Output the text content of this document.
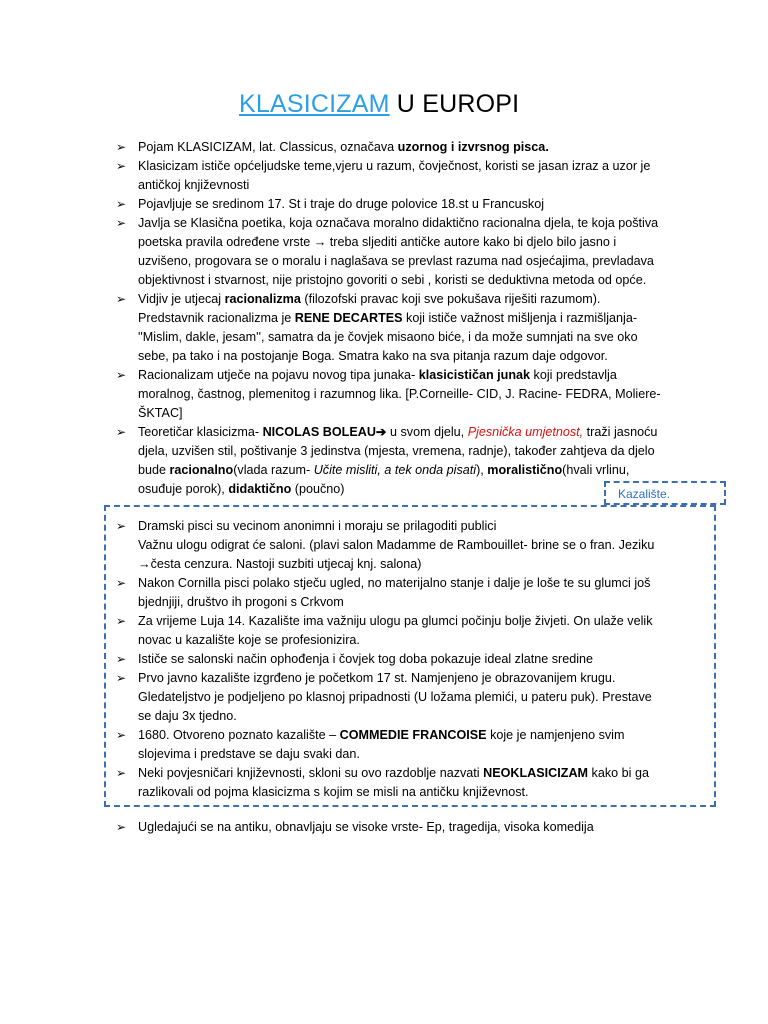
KLASICIZAM U EUROPI
➢ Pojam KLASICIZAM, lat. Classicus, označava uzornog i izvrsnog pisca.
➢ Klasicizam ističe općeljudske teme,vjeru u razum, čovječnost, koristi se jasan izraz a uzor je antičkoj književnosti
➢ Pojavljuje se sredinom 17. St i traje do druge polovice 18.st u Francuskoj
➢ Javlja se Klasična poetika, koja označava moralno didaktično racionalna djela, te koja poštiva poetska pravila određene vrste → treba sljediti antičke autore kako bi djelo bilo jasno i uzvišeno, progovara se o moralu i naglašava se prevlast razuma nad osjećajima, prevladava objektivnost i stvarnost, nije pristojno govoriti o sebi , koristi se deduktivna metoda od opće.
➢ Vidjiv je utjecaj racionalizma (filozofski pravac koji sve pokušava riješiti razumom). Predstavnik racionalizma je RENE DECARTES koji ističe važnost mišljenja i razmišljanja- ''Mislim, dakle, jesam'', samatra da je čovjek misaono biće, i da može sumnjati na sve oko sebe, pa tako i na postojanje Boga. Smatra kako na sva pitanja razum daje odgovor.
➢ Racionalizam utječe na pojavu novog tipa junaka- klasicističan junak koji predstavlja moralnog, častnog, plemenitog i razumnog lika. [P.Corneille- CID, J. Racine- FEDRA, Moliere-ŠKTAC]
➢ Teoretičar klasicizma- NICOLAS BOLEAU➔ u svom djelu, Pjesnička umjetnost, traži jasnoću djela, uzvišen stil, poštivanje 3 jedinstva (mjesta, vremena, radnje), također zahtjeva da djelo bude racionalno(vlada razum- Učite misliti, a tek onda pisati), moralistično(hvali vrlinu, osuđuje porok), didaktično (poučno)	Kazalište.
➢ Dramski pisci su vecinom anonimni i moraju se prilagoditi publici
Važnu ulogu odigrat će saloni. (plavi salon Madamme de Rambouillet- brine se o fran. Jeziku →česta cenzura. Nastoji suzbiti utjecaj knj. salona)
➢ Nakon Cornilla pisci polako stječu ugled, no materijalno stanje i dalje je loše te su glumci još bjednjiji, društvo ih progoni s Crkvom
➢ Za vrijeme Luja 14. Kazalište ima važniju ulogu pa glumci počinju bolje živjeti. On ulaže velik novac u kazalište koje se profesionizira.
➢ Ističe se salonski način ophođenja i čovjek tog doba pokazuje ideal zlatne sredine
➢ Prvo javno kazalište izgrđeno je početkom 17 st. Namjenjeno je obrazovanijem krugu. Gledateljstvo je podjeljeno po klasnoj pripadnosti (U ložama plemići, u pateru puk). Prestave se daju 3x tjedno.
➢ 1680. Otvoreno poznato kazalište – COMMEDIE FRANCOISE koje je namjenjeno svim slojevima i predstave se daju svaki dan.
➢ Neki povjesničari književnosti, skloni su ovo razdoblje nazvati NEOKLASICIZAM kako bi ga razlikovali od pojma klasicizma s kojim se misli na antičku književnost.
➢ Ugledajući se na antiku, obnavljaju se visoke vrste- Ep, tragedija, visoka komedija
